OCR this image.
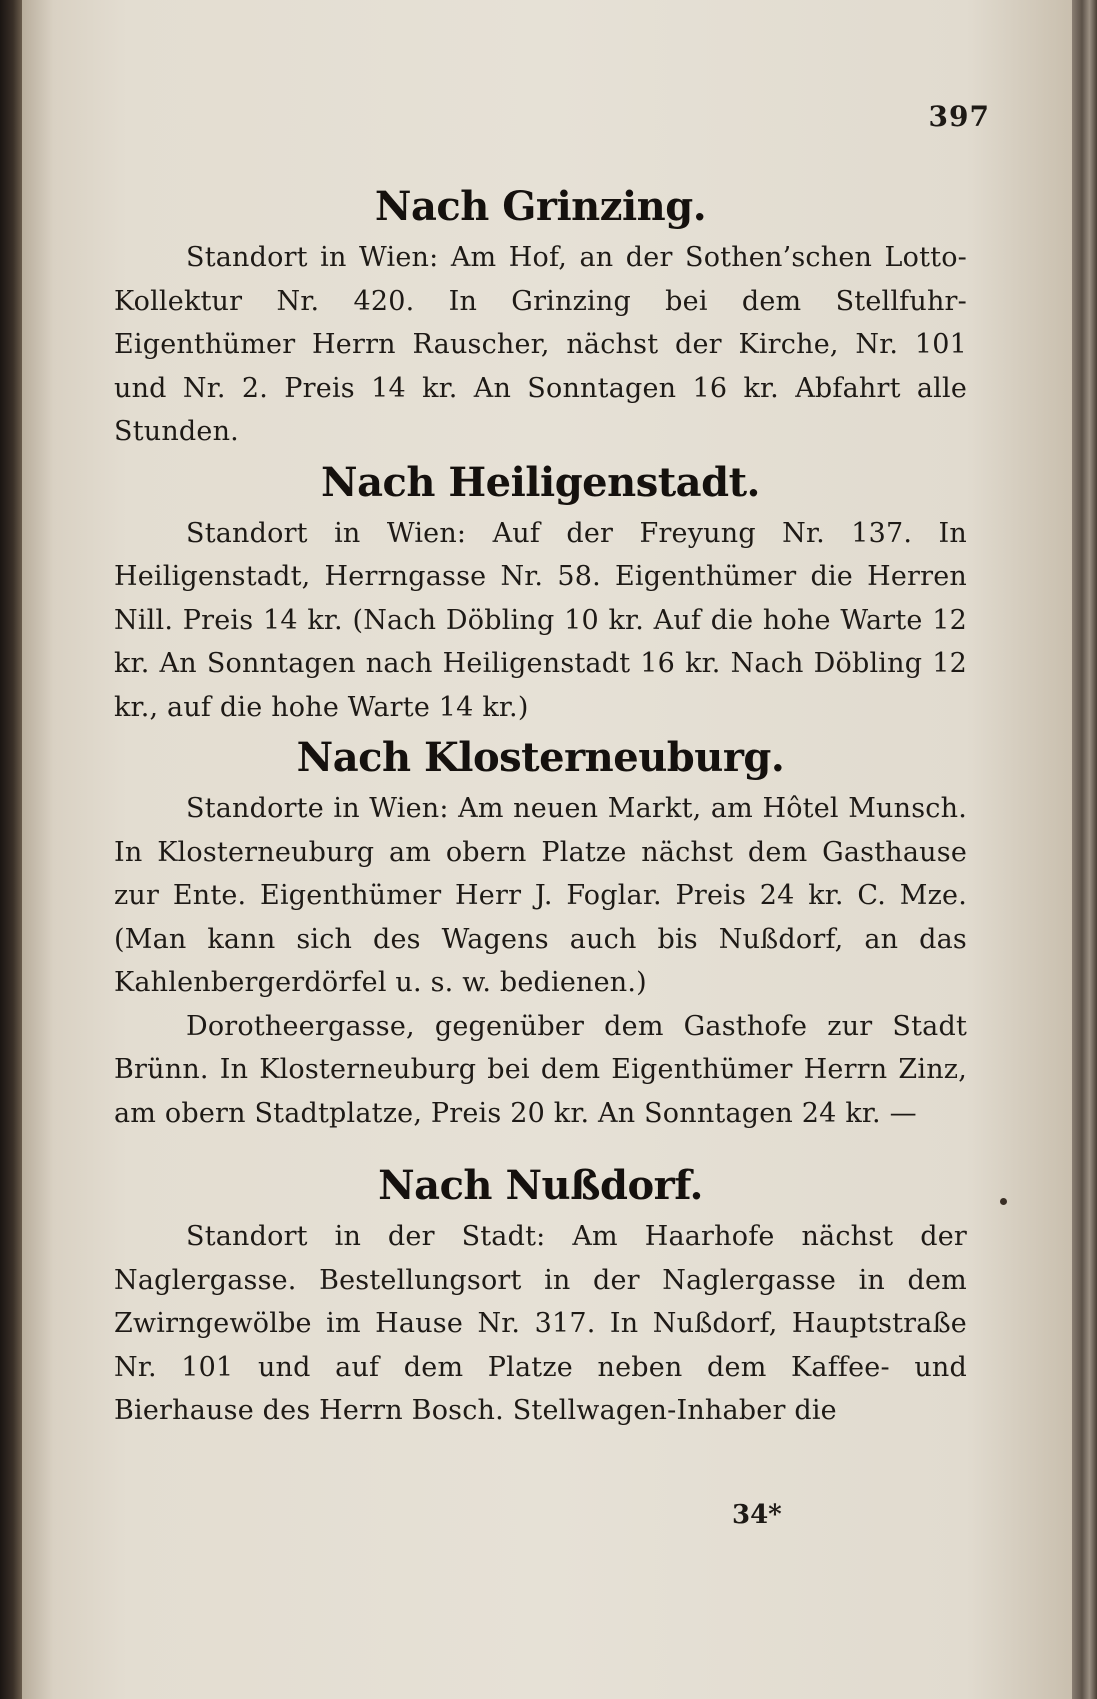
397
Nach Grinzing.

Standort in Wien: Am Hof, an der Sothen’schen Lotto-Kollektur Nr. 420. In Grinzing bei dem Stellfuhr-Eigenthümer Herrn Rauscher, nächst der Kirche, Nr. 101 und Nr. 2. Preis 14 kr. An Sonntagen 16 kr. Abfahrt alle Stunden.

Nach Heiligenstadt.

Standort in Wien: Auf der Freyung Nr. 137. In Heiligenstadt, Herrngasse Nr. 58. Eigenthümer die Herren Nill. Preis 14 kr. (Nach Döbling 10 kr. Auf die hohe Warte 12 kr. An Sonntagen nach Heiligenstadt 16 kr. Nach Döbling 12 kr., auf die hohe Warte 14 kr.)

Nach Klosterneuburg.

Standorte in Wien: Am neuen Markt, am Hôtel Munsch. In Klosterneuburg am obern Platze nächst dem Gasthause zur Ente. Eigenthümer Herr J. Foglar. Preis 24 kr. C. Mze. (Man kann sich des Wagens auch bis Nußdorf, an das Kahlenbergerdörfel u. s. w. bedienen.)

Dorotheergasse, gegenüber dem Gasthofe zur Stadt Brünn. In Klosterneuburg bei dem Eigenthümer Herrn Zinz, am obern Stadtplatze, Preis 20 kr. An Sonntagen 24 kr. —

Nach Nußdorf.

Standort in der Stadt: Am Haarhofe nächst der Naglergasse. Bestellungsort in der Naglergasse in dem Zwirngewölbe im Hause Nr. 317. In Nußdorf, Hauptstraße Nr. 101 und auf dem Platze neben dem Kaffee- und Bierhause des Herrn Bosch. Stellwagen-Inhaber die

34*
